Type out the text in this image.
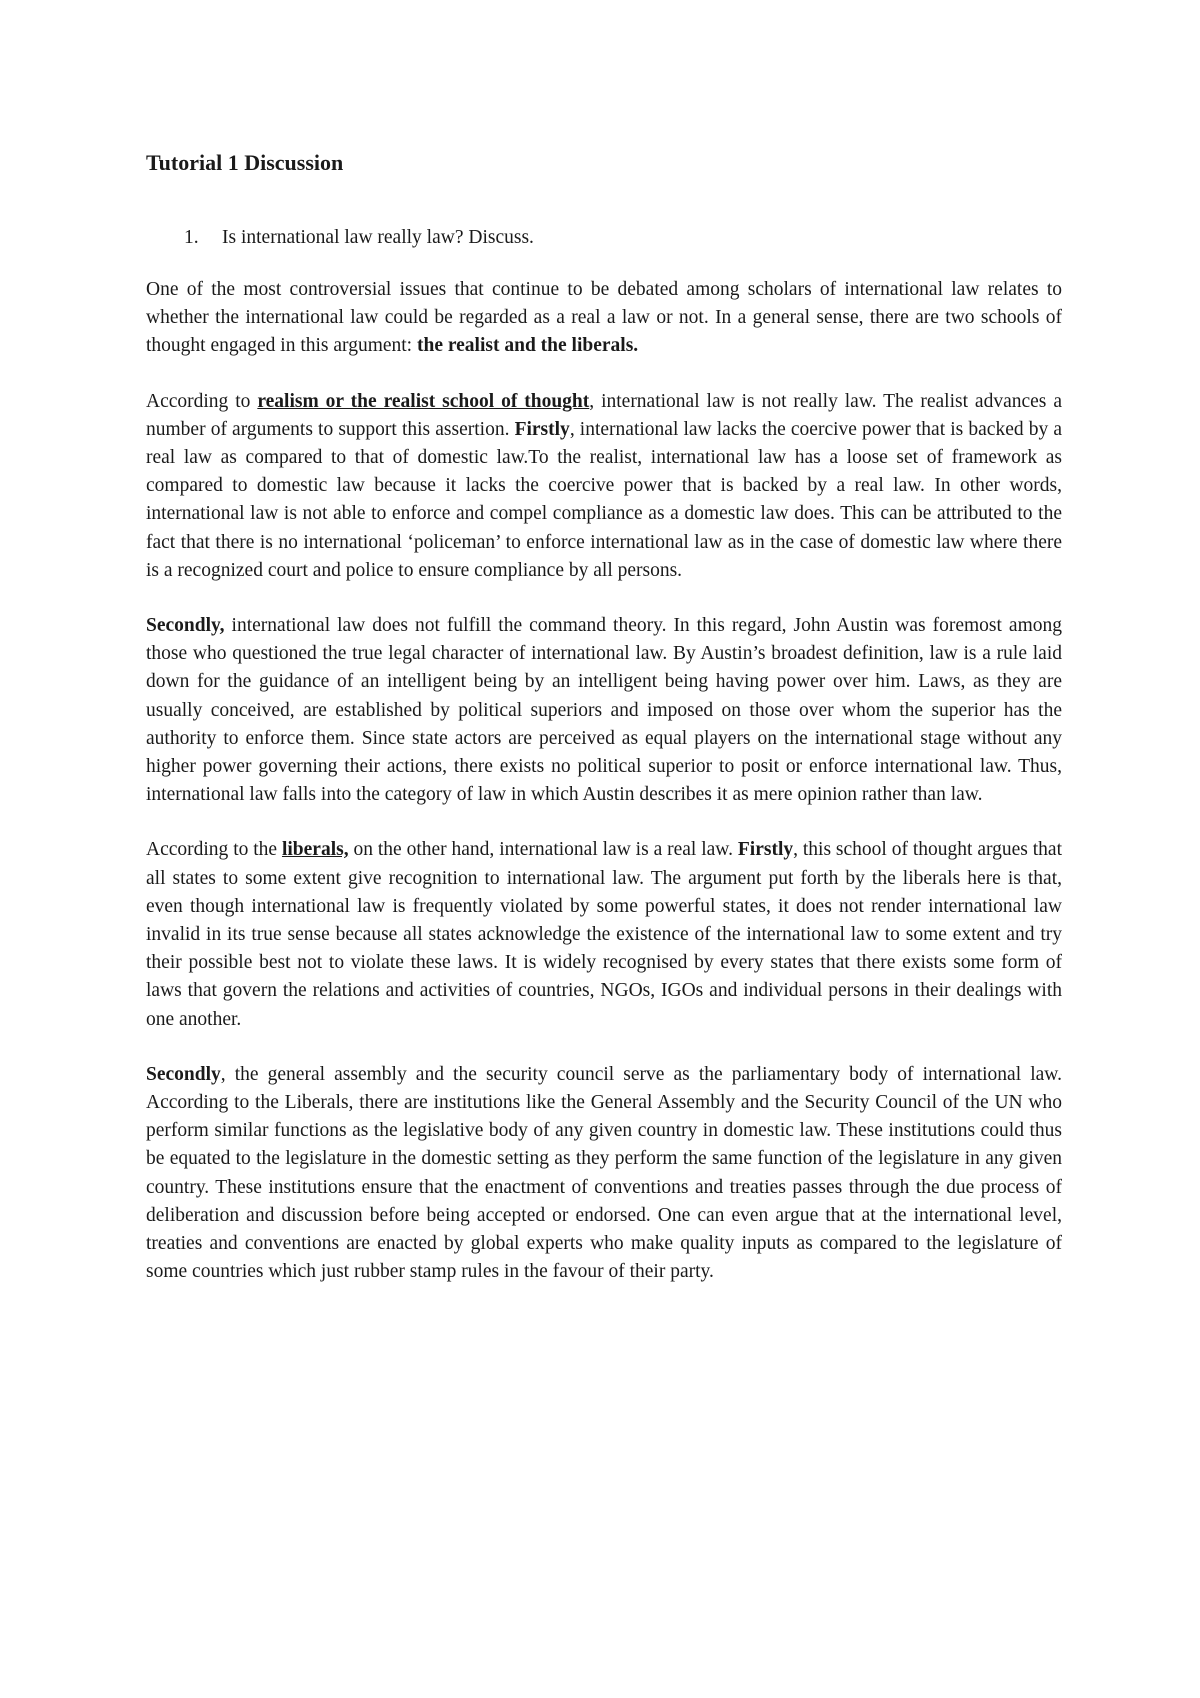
Tutorial 1 Discussion
1.	Is international law really law? Discuss.

One of the most controversial issues that continue to be debated among scholars of international law relates to whether the international law could be regarded as a real a law or not. In a general sense, there are two schools of thought engaged in this argument: the realist and the liberals.

According to realism or the realist school of thought, international law is not really law. The realist advances a number of arguments to support this assertion. Firstly, international law lacks the coercive power that is backed by a real law as compared to that of domestic law.To the realist, international law has a loose set of framework as compared to domestic law because it lacks the coercive power that is backed by a real law. In other words, international law is not able to enforce and compel compliance as a domestic law does. This can be attributed to the fact that there is no international ‘policeman’ to enforce international law as in the case of domestic law where there is a recognized court and police to ensure compliance by all persons.

Secondly, international law does not fulfill the command theory. In this regard, John Austin was foremost among those who questioned the true legal character of international law. By Austin’s broadest definition, law is a rule laid down for the guidance of an intelligent being by an intelligent being having power over him. Laws, as they are usually conceived, are established by political superiors and imposed on those over whom the superior has the authority to enforce them. Since state actors are perceived as equal players on the international stage without any higher power governing their actions, there exists no political superior to posit or enforce international law. Thus, international law falls into the category of law in which Austin describes it as mere opinion rather than law.

According to the liberals, on the other hand, international law is a real law. Firstly, this school of thought argues that all states to some extent give recognition to international law. The argument put forth by the liberals here is that, even though international law is frequently violated by some powerful states, it does not render international law invalid in its true sense because all states acknowledge the existence of the international law to some extent and try their possible best not to violate these laws. It is widely recognised by every states that there exists some form of laws that govern the relations and activities of countries, NGOs, IGOs and individual persons in their dealings with one another.

Secondly, the general assembly and the security council serve as the parliamentary body of international law. According to the Liberals, there are institutions like the General Assembly and the Security Council of the UN who perform similar functions as the legislative body of any given country in domestic law. These institutions could thus be equated to the legislature in the domestic setting as they perform the same function of the legislature in any given country. These institutions ensure that the enactment of conventions and treaties passes through the due process of deliberation and discussion before being accepted or endorsed. One can even argue that at the international level, treaties and conventions are enacted by global experts who make quality inputs as compared to the legislature of some countries which just rubber stamp rules in the favour of their party.
